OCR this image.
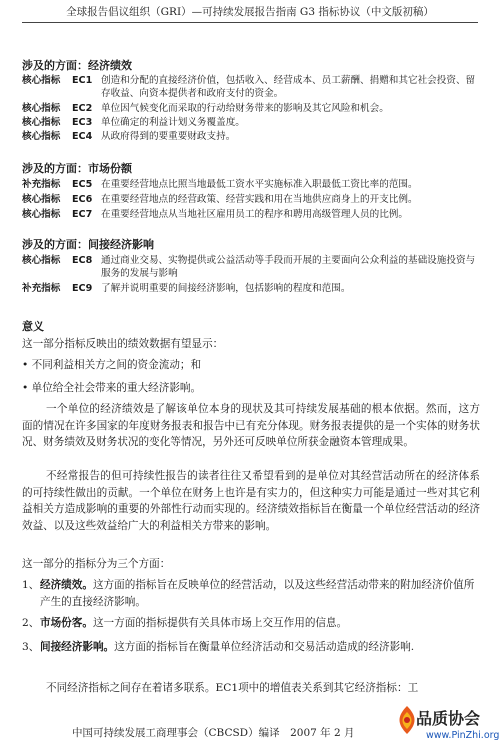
全球报告倡议组织（GRI）—可持续发展报告指南 G3 指标协议（中文版初稿）
涉及的方面：经济绩效
核心指标 EC1 创造和分配的直接经济价值，包括收入、经营成本、员工薪酬、捐赠和其它社会投资、留存收益、向资本提供者和政府支付的资金。
核心指标 EC2 单位因气候变化而采取的行动给财务带来的影响及其它风险和机会。
核心指标 EC3 单位确定的利益计划义务覆盖度。
核心指标 EC4 从政府得到的要重要财政支持。
涉及的方面：市场份额
补充指标 EC5 在重要经营地点比照当地最低工资水平实施标准入职最低工资比率的范围。
核心指标 EC6 在重要经营地点的经营政策、经营实践和用在当地供应商身上的开支比例。
核心指标 EC7 在重要经营地点从当地社区雇用员工的程序和聘用高级管理人员的比例。
涉及的方面：间接经济影响
核心指标 EC8 通过商业交易、实物提供或公益活动等手段而开展的主要面向公众利益的基础设施投资与服务的发展与影响
补充指标 EC9 了解并说明重要的间接经济影响，包括影响的程度和范围。
意义
这一部分指标反映出的绩效数据有望显示：
• 不同利益相关方之间的资金流动；和
• 单位给全社会带来的重大经济影响。
一个单位的经济绩效是了解该单位本身的现状及其可持续发展基础的根本依据。然而，这方面的情况在许多国家的年度财务报表和报告中已有充分体现。财务报表提供的是一个实体的财务状况、财务绩效及财务状况的变化等情况，另外还可反映单位所获金融资本管理成果。
不经常报告的但可持续性报告的读者往往又希望看到的是单位对其经营活动所在的经济体系的可持续性做出的贡献。一个单位在财务上也许是有实力的，但这种实力可能是通过一些对其它利益相关方造成影响的重要的外部性行动而实现的。经济绩效指标旨在衡量一个单位经营活动的经济效益、以及这些效益给广大的利益相关方带来的影响。
这一部分的指标分为三个方面：
1、 经济绩效。这方面的指标旨在反映单位的经营活动，以及这些经营活动带来的附加经济价值所产生的直接经济影响。
2、 市场份客。这一方面的指标提供有关具体市场上交互作用的信息。
3、 间接经济影响。这方面的指标旨在衡量单位经济活动和交易活动造成的经济影响.
不同经济指标之间存在着诸多联系。EC1项中的增值表关系到其它经济指标：工
中国可持续发展工商理事会（CBCSD）编译　2007 年 2 月
品质协会
www.PinZhi.org
